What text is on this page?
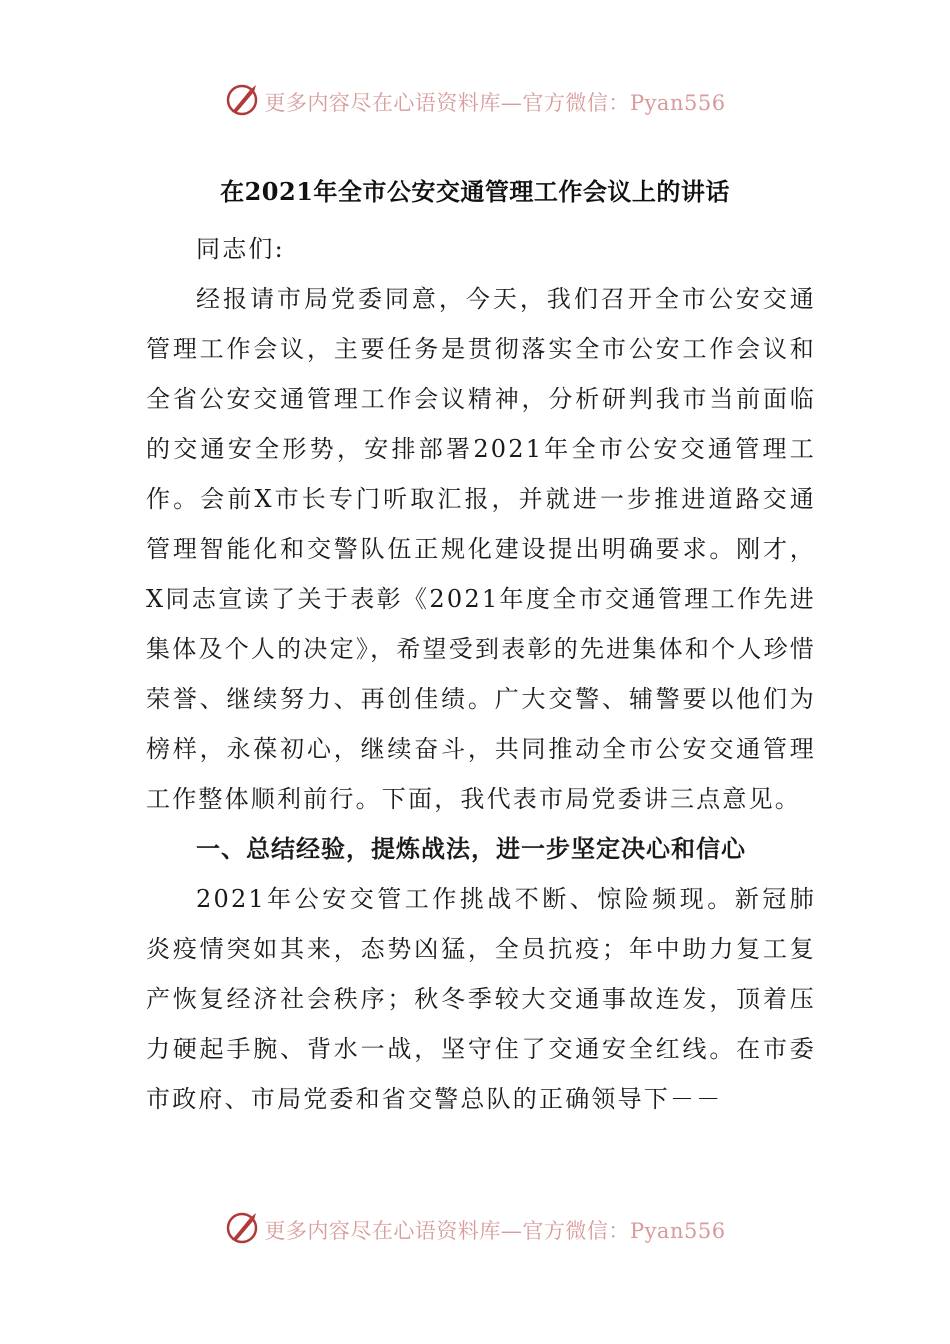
更多内容尽在心语资料库—官方微信：Pyan556
在2021年全市公安交通管理工作会议上的讲话

同志们:

经报请市局党委同意，今天，我们召开全市公安交通管理工作会议，主要任务是贯彻落实全市公安工作会议和全省公安交通管理工作会议精神，分析研判我市当前面临的交通安全形势，安排部署2021年全市公安交通管理工作。会前X市长专门听取汇报，并就进一步推进道路交通管理智能化和交警队伍正规化建设提出明确要求。刚才，X同志宣读了关于表彰《2021年度全市交通管理工作先进集体及个人的决定》，希望受到表彰的先进集体和个人珍惜荣誉、继续努力、再创佳绩。广大交警、辅警要以他们为榜样，永葆初心，继续奋斗，共同推动全市公安交通管理工作整体顺利前行。下面，我代表市局党委讲三点意见。

一、总结经验，提炼战法，进一步坚定决心和信心

2021年公安交管工作挑战不断、惊险频现。新冠肺炎疫情突如其来，态势凶猛，全员抗疫；年中助力复工复产恢复经济社会秩序；秋冬季较大交通事故连发，顶着压力硬起手腕、背水一战，坚守住了交通安全红线。在市委市政府、市局党委和省交警总队的正确领导下－－

更多内容尽在心语资料库—官方微信：Pyan556
